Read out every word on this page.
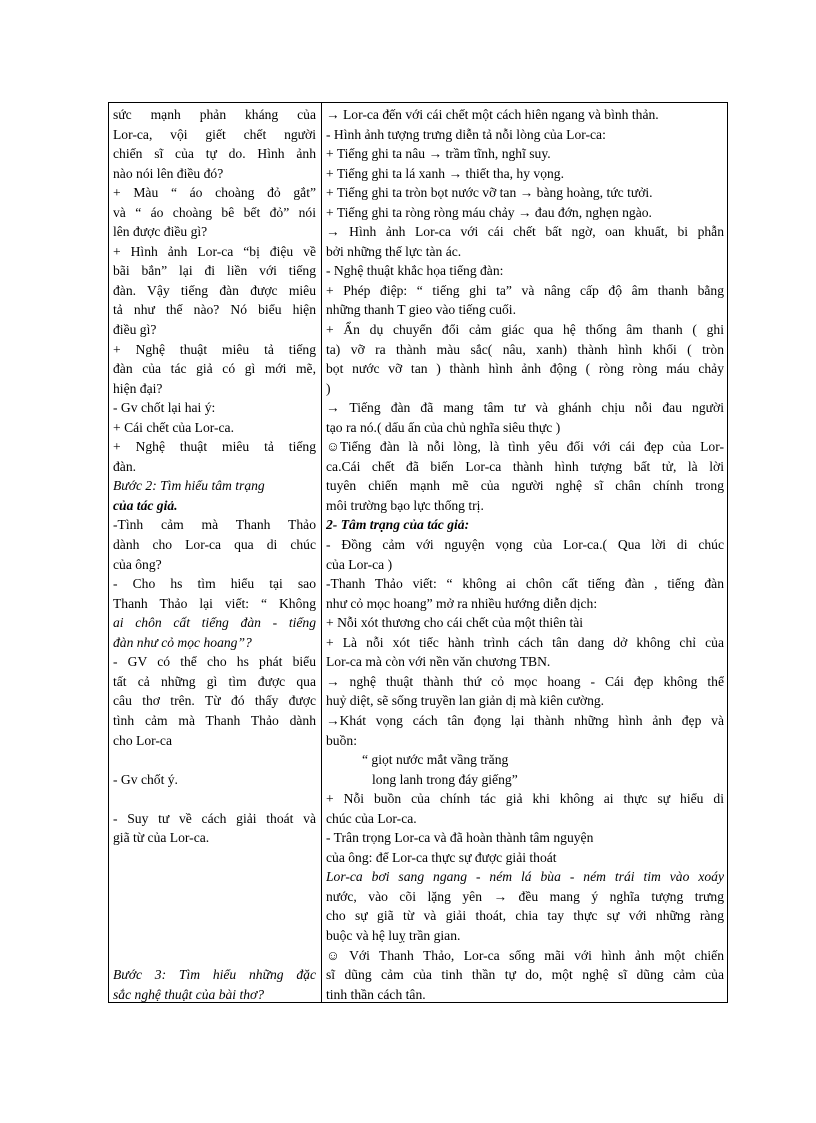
sức mạnh phản kháng của
Lor-ca, vội giết chết người
chiến sĩ của tự do. Hình ảnh
nào nói lên điều đó?
+ Màu “ áo choàng đỏ gắt”
và “ áo choàng bê bết đỏ” nói
lên được điều gì?
+ Hình ảnh Lor-ca “bị điệu về
bãi bắn” lại đi liền với tiếng
đàn. Vậy tiếng đàn được miêu
tả như thế nào? Nó biểu hiện
điều gì?
+ Nghệ thuật miêu tả tiếng
đàn của tác giả có gì mới mẽ,
hiện đại?
- Gv chốt lại hai ý:
+ Cái chết của Lor-ca.
+ Nghệ thuật miêu tả tiếng
đàn.
Bước 2: Tìm hiểu tâm trạng
của tác giả.
-Tình cảm mà Thanh Thảo
dành cho Lor-ca qua di chúc
của ông?
- Cho hs tìm hiểu tại sao
Thanh Thảo lại viết: “ Không
ai chôn cất tiếng đàn - tiếng
đàn như cỏ mọc hoang”?
- GV có thể cho hs phát biểu
tất cả những gì tìm được qua
câu thơ trên. Từ đó thấy được
tình cảm mà Thanh Thảo dành
cho Lor-ca
- Gv chốt ý.
- Suy tư về cách giải thoát và
giã từ của Lor-ca.
Bước 3: Tìm hiểu những đặc
sắc nghệ thuật của bài thơ?
→ Lor-ca đến với cái chết một cách hiên ngang và bình thản.
- Hình ảnh tượng trưng diễn tả nỗi lòng của Lor-ca:
+ Tiếng ghi ta nâu → trầm tĩnh, nghĩ suy.
+ Tiếng ghi ta lá xanh → thiết tha, hy vọng.
+ Tiếng ghi ta tròn bọt nước vỡ tan → bàng hoàng, tức tưởi.
+ Tiếng ghi ta ròng ròng máu chảy → đau đớn, nghẹn ngào.
→ Hình ảnh Lor-ca với cái chết bất ngờ, oan khuất, bi phẫn
bởi những thế lực tàn ác.
- Nghệ thuật khắc họa tiếng đàn:
+ Phép điệp: “ tiếng ghi ta” và nâng cấp độ âm thanh bằng
những thanh T gieo vào tiếng cuối.
+ Ẩn dụ chuyển đổi cảm giác qua hệ thống âm thanh ( ghi
ta) vỡ ra thành màu sắc( nâu, xanh) thành hình khối ( tròn
bọt nước vỡ tan ) thành hình ảnh động ( ròng ròng máu chảy
)
→ Tiếng đàn đã mang tâm tư và ghánh chịu nỗi đau người
tạo ra nó.( dấu ấn của chủ nghĩa siêu thực )
☺Tiếng đàn là nỗi lòng, là tình yêu đối với cái đẹp của Lor-
ca.Cái chết đã biến Lor-ca thành hình tượng bất tử, là lời
tuyên chiến mạnh mẽ của người nghệ sĩ chân chính trong
môi trường bạo lực thống trị.
2- Tâm trạng của tác giả:
- Đồng cảm với nguyện vọng của Lor-ca.( Qua lời di chúc
của Lor-ca )
-Thanh Thảo viết: “ không ai chôn cất tiếng đàn , tiếng đàn
như cỏ mọc hoang” mở ra nhiều hướng diễn dịch:
+ Nỗi xót thương cho cái chết của một thiên tài
+ Là nỗi xót tiếc hành trình cách tân dang dở không chỉ của
Lor-ca mà còn với nền văn chương TBN.
→ nghệ thuật thành thứ cỏ mọc hoang - Cái đẹp không thể
huỷ diệt, sẽ sống truyền lan giản dị mà kiên cường.
→Khát vọng cách tân đọng lại thành những hình ảnh đẹp và
buồn:
“ giọt nước mắt vầng trăng
long lanh trong đáy giếng”
+ Nỗi buồn của chính tác giả khi không ai thực sự hiểu di
chúc của Lor-ca.
- Trân trọng Lor-ca và đã hoàn thành tâm nguyện
của ông: để Lor-ca thực sự được giải thoát
Lor-ca bơi sang ngang - ném lá bùa - ném trái tim vào xoáy
nước, vào cõi lặng yên → đều mang ý nghĩa tượng trưng
cho sự giã từ và giải thoát, chia tay thực sự với những ràng
buộc và hệ luỵ trần gian.
☺ Với Thanh Thảo, Lor-ca sống mãi với hình ảnh một chiến
sĩ dũng cảm của tinh thần tự do, một nghệ sĩ dũng cảm của
tinh thần cách tân.
